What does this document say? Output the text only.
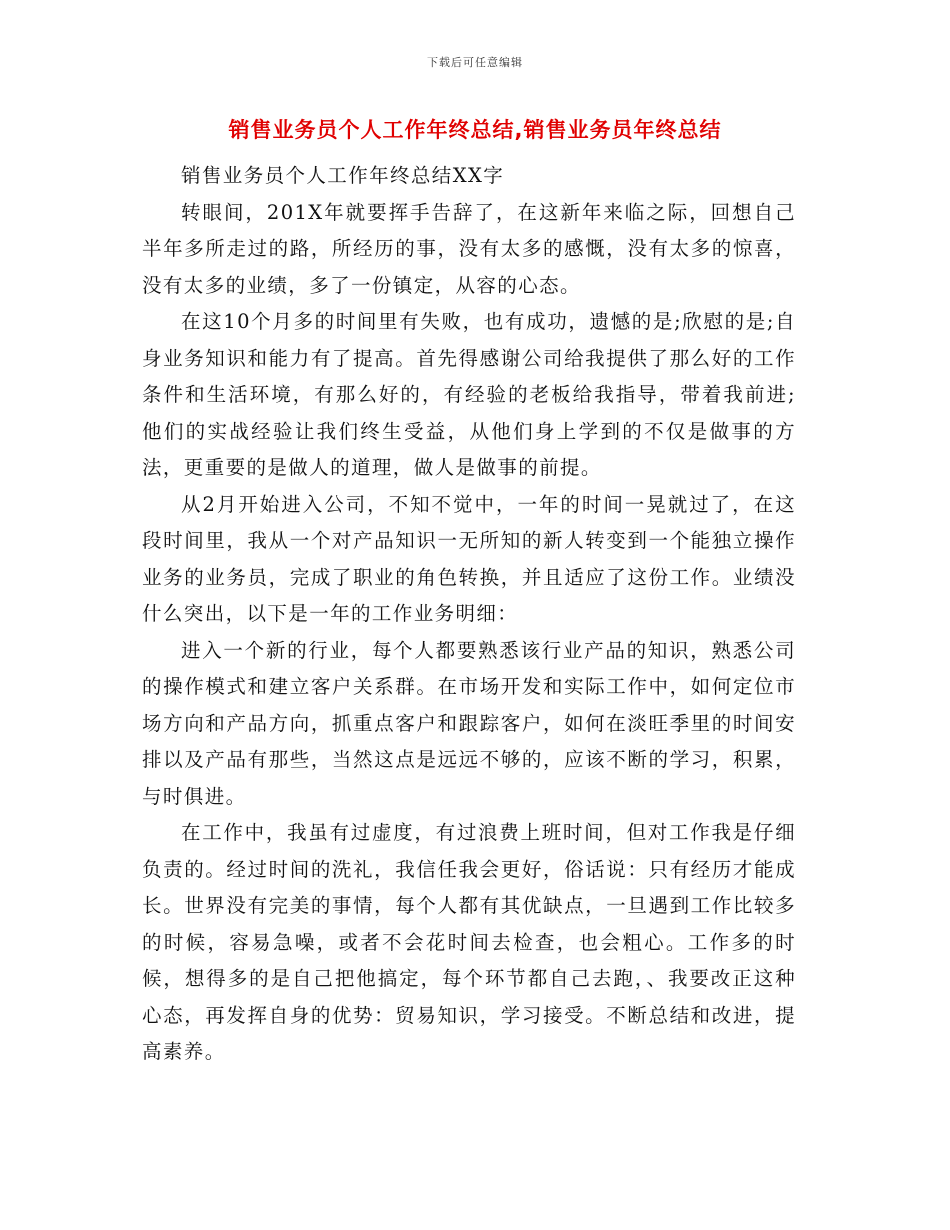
下载后可任意编辑
销售业务员个人工作年终总结,销售业务员年终总结

销售业务员个人工作年终总结XX字

转眼间，201X年就要挥手告辞了，在这新年来临之际，回想自己半年多所走过的路，所经历的事，没有太多的感慨，没有太多的惊喜，没有太多的业绩，多了一份镇定，从容的心态。

在这10个月多的时间里有失败，也有成功，遗憾的是;欣慰的是;自身业务知识和能力有了提高。首先得感谢公司给我提供了那么好的工作条件和生活环境，有那么好的，有经验的老板给我指导，带着我前进;他们的实战经验让我们终生受益，从他们身上学到的不仅是做事的方法，更重要的是做人的道理，做人是做事的前提。

从2月开始进入公司，不知不觉中，一年的时间一晃就过了，在这段时间里，我从一个对产品知识一无所知的新人转变到一个能独立操作业务的业务员，完成了职业的角色转换，并且适应了这份工作。业绩没什么突出，以下是一年的工作业务明细：

进入一个新的行业，每个人都要熟悉该行业产品的知识，熟悉公司的操作模式和建立客户关系群。在市场开发和实际工作中，如何定位市场方向和产品方向，抓重点客户和跟踪客户，如何在淡旺季里的时间安排以及产品有那些，当然这点是远远不够的，应该不断的学习，积累，与时俱进。

在工作中，我虽有过虚度，有过浪费上班时间，但对工作我是仔细负责的。经过时间的洗礼，我信任我会更好，俗话说：只有经历才能成长。世界没有完美的事情，每个人都有其优缺点，一旦遇到工作比较多的时候，容易急噪，或者不会花时间去检查，也会粗心。工作多的时候，想得多的是自己把他搞定，每个环节都自己去跑，、我要改正这种心态，再发挥自身的优势：贸易知识，学习接受。不断总结和改进，提高素养。
